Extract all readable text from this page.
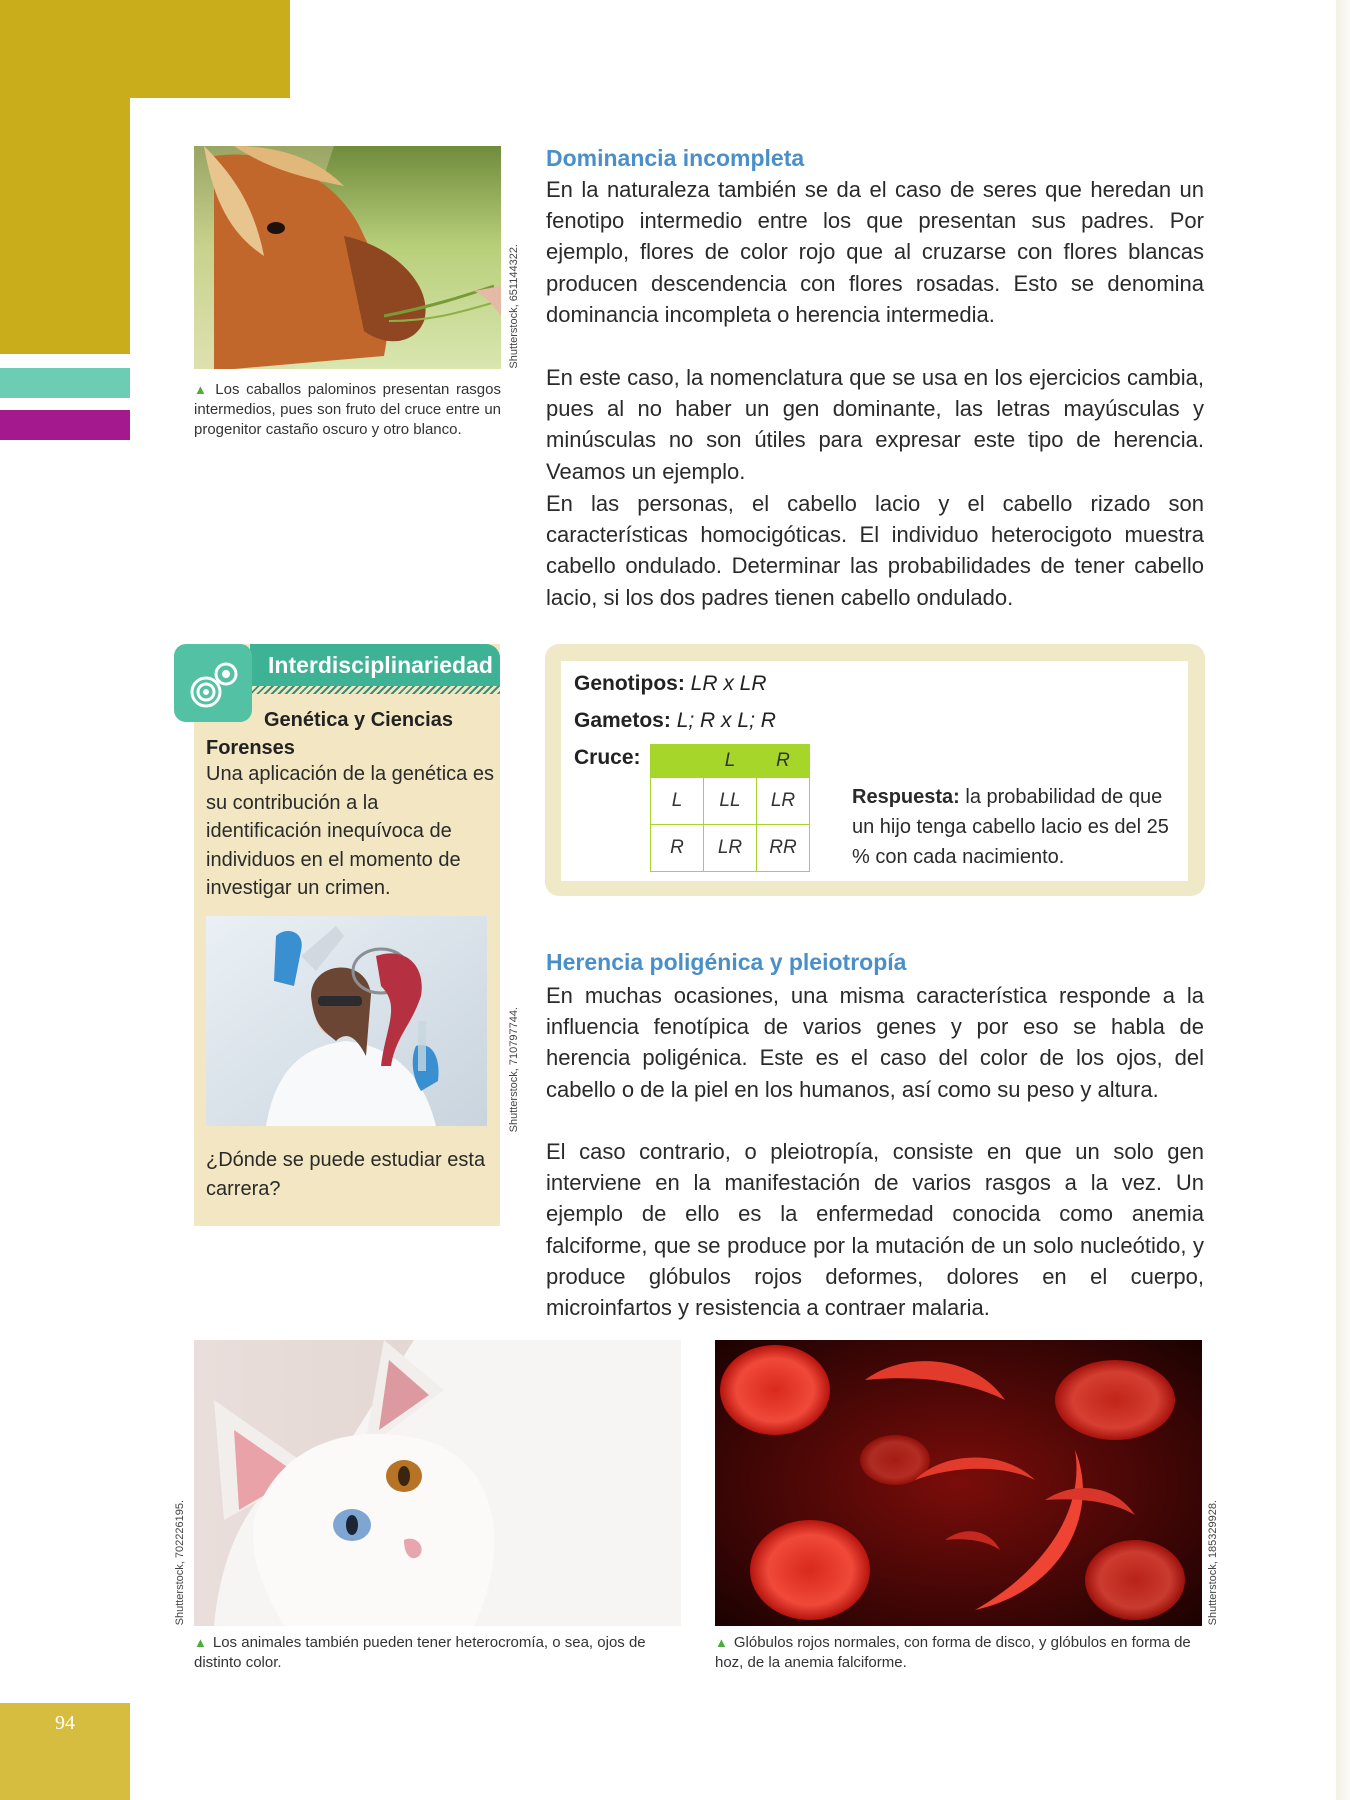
94
Shutterstock, 651144322.
▲ Los caballos palominos presentan rasgos intermedios, pues son fruto del cruce entre un progenitor castaño oscuro y otro blanco.
Dominancia incompleta
En la naturaleza también se da el caso de seres que heredan un fenotipo intermedio entre los que presentan sus padres. Por ejemplo, flores de color rojo que al cruzarse con flores blancas producen descendencia con flores rosadas. Esto se denomina dominancia incompleta o herencia intermedia.
En este caso, la nomenclatura que se usa en los ejercicios cambia, pues al no haber un gen dominante, las letras mayúsculas y minúsculas no son útiles para expresar este tipo de herencia. Veamos un ejemplo.
En las personas, el cabello lacio y el cabello rizado son características homocigóticas. El individuo heterocigoto muestra cabello ondulado. Determinar las probabilidades de tener cabello lacio, si los dos padres tienen cabello ondulado.
Interdisciplinariedad
Genética y Ciencias Forenses
Una aplicación de la genética es su contribución a la identificación inequívoca de individuos en el momento de investigar un crimen.
Shutterstock, 710797744.
¿Dónde se puede estudiar esta carrera?
Genotipos: LR x LR
Gametos: L; R x L; R
Cruce:
		L	R
L	LL	LR
R	LR	RR
Respuesta: la probabilidad de que un hijo tenga cabello lacio es del 25 % con cada nacimiento.
Herencia poligénica y pleiotropía
En muchas ocasiones, una misma característica responde a la influencia fenotípica de varios genes y por eso se habla de herencia poligénica. Este es el caso del color de los ojos, del cabello o de la piel en los humanos, así como su peso y altura.
El caso contrario, o pleiotropía, consiste en que un solo gen interviene en la manifestación de varios rasgos a la vez. Un ejemplo de ello es la enfermedad conocida como anemia falciforme, que se produce por la mutación de un solo nucleótido, y produce glóbulos rojos deformes, dolores en el cuerpo, microinfartos y resistencia a contraer malaria.
Shutterstock, 702226195.
▲ Los animales también pueden tener heterocromía, o sea, ojos de distinto color.
Shutterstock, 185329928.
▲ Glóbulos rojos normales, con forma de disco, y glóbulos en forma de hoz, de la anemia falciforme.
